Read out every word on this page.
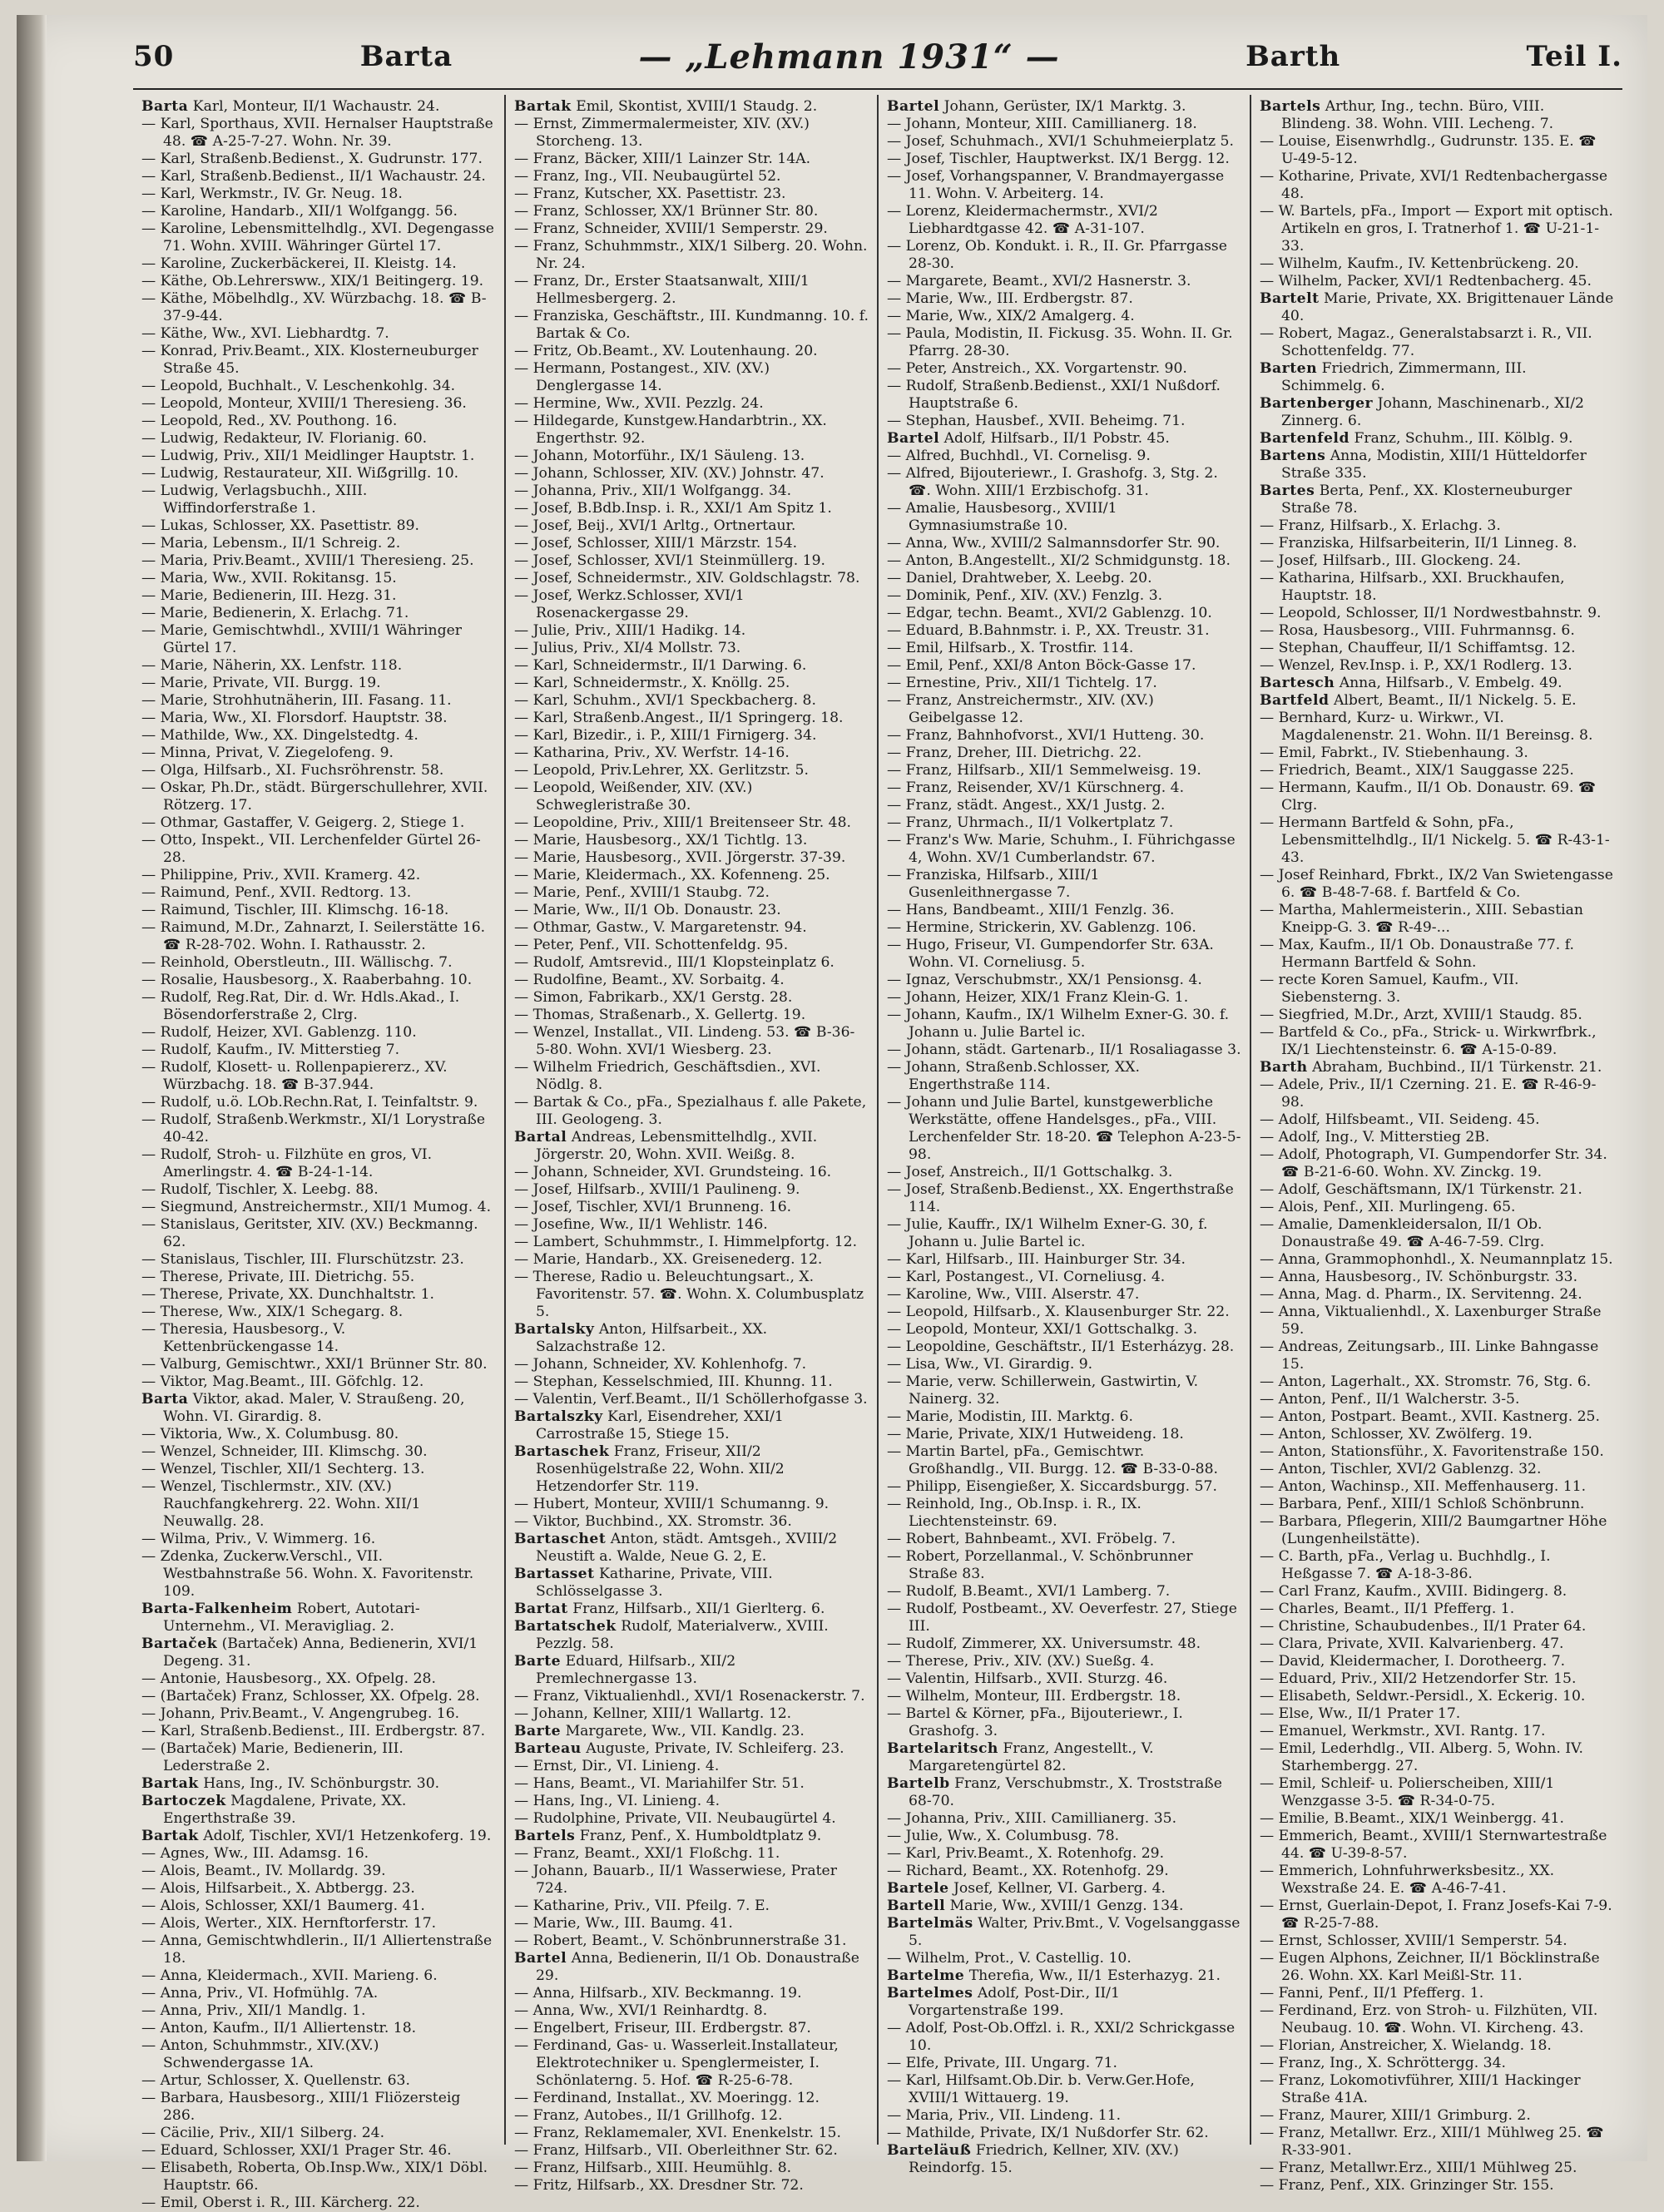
50	Barta	— „Lehmann 1931“ —	Barth	Teil I.

Barta Karl, Monteur, II/1 Wachaustr. 24.

— Karl, Sporthaus, XVII. Hernalser Hauptstraße 48. ☎ A-25-7-27. Wohn. Nr. 39.

— Karl, Straßenb.Bedienst., X. Gudrunstr. 177.

— Karl, Straßenb.Bedienst., II/1 Wachaustr. 24.

— Karl, Werkmstr., IV. Gr. Neug. 18.

— Karoline, Handarb., XII/1 Wolfgangg. 56.

— Karoline, Lebensmittelhdlg., XVI. Degengasse 71. Wohn. XVIII. Währinger Gürtel 17.

— Karoline, Zuckerbäckerei, II. Kleistg. 14.

— Käthe, Ob.Lehrersww., XIX/1 Beitingerg. 19.

— Käthe, Möbelhdlg., XV. Würzbachg. 18. ☎ B-37-9-44.

— Käthe, Ww., XVI. Liebhardtg. 7.

— Konrad, Priv.Beamt., XIX. Klosterneuburger Straße 45.

— Leopold, Buchhalt., V. Leschenkohlg. 34.

— Leopold, Monteur, XVIII/1 Theresieng. 36.

— Leopold, Red., XV. Pouthong. 16.

— Ludwig, Redakteur, IV. Florianig. 60.

— Ludwig, Priv., XII/1 Meidlinger Hauptstr. 1.

— Ludwig, Restaurateur, XII. Wiẞgrillg. 10.

— Ludwig, Verlagsbuchh., XIII. Wiffindorferstraße 1.

— Lukas, Schlosser, XX. Pasettistr. 89.

— Maria, Lebensm., II/1 Schreig. 2.

— Maria, Priv.Beamt., XVIII/1 Theresieng. 25.

— Maria, Ww., XVII. Rokitansg. 15.

— Marie, Bedienerin, III. Hezg. 31.

— Marie, Bedienerin, X. Erlachg. 71.

— Marie, Gemischtwhdl., XVIII/1 Währinger Gürtel 17.

— Marie, Näherin, XX. Lenfstr. 118.

— Marie, Private, VII. Burgg. 19.

— Marie, Strohhutnäherin, III. Fasang. 11.

— Maria, Ww., XI. Florsdorf. Hauptstr. 38.

— Mathilde, Ww., XX. Dingelstedtg. 4.

— Minna, Privat, V. Ziegelofeng. 9.

— Olga, Hilfsarb., XI. Fuchsröhrenstr. 58.

— Oskar, Ph.Dr., städt. Bürgerschullehrer, XVII. Rötzerg. 17.

— Othmar, Gastaffer, V. Geigerg. 2, Stiege 1.

— Otto, Inspekt., VII. Lerchenfelder Gürtel 26-28.

— Philippine, Priv., XVII. Kramerg. 42.

— Raimund, Penf., XVII. Redtorg. 13.

— Raimund, Tischler, III. Klimschg. 16-18.

— Raimund, M.Dr., Zahnarzt, I. Seilerstätte 16. ☎ R-28-702. Wohn. I. Rathausstr. 2.

— Reinhold, Oberstleutn., III. Wällischg. 7.

— Rosalie, Hausbesorg., X. Raaberbahng. 10.

— Rudolf, Reg.Rat, Dir. d. Wr. Hdls.Akad., I. Bösendorferstraße 2, Clrg.

— Rudolf, Heizer, XVI. Gablenzg. 110.

— Rudolf, Kaufm., IV. Mitterstieg 7.

— Rudolf, Klosett- u. Rollenpapiererz., XV. Würzbachg. 18. ☎ B-37.944.

— Rudolf, u.ö. LOb.Rechn.Rat, I. Teinfaltstr. 9.

— Rudolf, Straßenb.Werkmstr., XI/1 Lorystraße 40-42.

— Rudolf, Stroh- u. Filzhüte en gros, VI. Amerlingstr. 4. ☎ B-24-1-14.

— Rudolf, Tischler, X. Leebg. 88.

— Siegmund, Anstreichermstr., XII/1 Mumog. 4.

— Stanislaus, Geritster, XIV. (XV.) Beckmanng. 62.

— Stanislaus, Tischler, III. Flurschützstr. 23.

— Therese, Private, III. Dietrichg. 55.

— Therese, Private, XX. Dunchhaltstr. 1.

— Therese, Ww., XIX/1 Schegarg. 8.

— Theresia, Hausbesorg., V. Kettenbrückengasse 14.

— Valburg, Gemischtwr., XXI/1 Brünner Str. 80.

— Viktor, Mag.Beamt., III. Göfchlg. 12.

Barta Viktor, akad. Maler, V. Straußeng. 20, Wohn. VI. Girardig. 8.

— Viktoria, Ww., X. Columbusg. 80.

— Wenzel, Schneider, III. Klimschg. 30.

— Wenzel, Tischler, XII/1 Sechterg. 13.

— Wenzel, Tischlermstr., XIV. (XV.) Rauchfangkehrerg. 22. Wohn. XII/1 Neuwallg. 28.

— Wilma, Priv., V. Wimmerg. 16.

— Zdenka, Zuckerw.Verschl., VII. Westbahnstraße 56. Wohn. X. Favoritenstr. 109.

Barta-Falkenheim Robert, Autotari-Unternehm., VI. Meravigliag. 2.

Bartaček (Bartaček) Anna, Bedienerin, XVI/1 Degeng. 31.

— Antonie, Hausbesorg., XX. Ofpelg. 28.

— (Bartaček) Franz, Schlosser, XX. Ofpelg. 28.

— Johann, Priv.Beamt., V. Angengrubeg. 16.

— Karl, Straßenb.Bedienst., III. Erdbergstr. 87.

— (Bartaček) Marie, Bedienerin, III. Lederstraße 2.

Bartak Hans, Ing., IV. Schönburgstr. 30.

Bartoczek Magdalene, Private, XX. Engerthstraße 39.

Bartak Adolf, Tischler, XVI/1 Hetzenkoferg. 19.

— Agnes, Ww., III. Adamsg. 16.

— Alois, Beamt., IV. Mollardg. 39.

— Alois, Hilfsarbeit., X. Abtbergg. 23.

— Alois, Schlosser, XXI/1 Baumerg. 41.

— Alois, Werter., XIX. Hernftorferstr. 17.

— Anna, Gemischtwhdlerin., II/1 Alliertenstraße 18.

— Anna, Kleidermach., XVII. Marieng. 6.

— Anna, Priv., VI. Hofmühlg. 7A.

— Anna, Priv., XII/1 Mandlg. 1.

— Anton, Kaufm., II/1 Alliertenstr. 18.

— Anton, Schuhmmstr., XIV.(XV.) Schwendergasse 1A.

— Artur, Schlosser, X. Quellenstr. 63.

— Barbara, Hausbesorg., XIII/1 Fliözersteig 286.

— Cäcilie, Priv., XII/1 Silberg. 24.

— Eduard, Schlosser, XXI/1 Prager Str. 46.

— Elisabeth, Roberta, Ob.Insp.Ww., XIX/1 Döbl. Hauptstr. 66.

— Emil, Oberst i. R., III. Kärcherg. 22.

Bartak Emil, Skontist, XVIII/1 Staudg. 2.

— Ernst, Zimmermalermeister, XIV. (XV.) Storcheng. 13.

— Franz, Bäcker, XIII/1 Lainzer Str. 14A.

— Franz, Ing., VII. Neubaugürtel 52.

— Franz, Kutscher, XX. Pasettistr. 23.

— Franz, Schlosser, XX/1 Brünner Str. 80.

— Franz, Schneider, XVIII/1 Semperstr. 29.

— Franz, Schuhmmstr., XIX/1 Silberg. 20. Wohn. Nr. 24.

— Franz, Dr., Erster Staatsanwalt, XIII/1 Hellmesbergerg. 2.

— Franziska, Geschäftstr., III. Kundmanng. 10. f. Bartak & Co.

— Fritz, Ob.Beamt., XV. Loutenhaung. 20.

— Hermann, Postangest., XIV. (XV.) Denglergasse 14.

— Hermine, Ww., XVII. Pezzlg. 24.

— Hildegarde, Kunstgew.Handarbtrin., XX. Engerthstr. 92.

— Johann, Motorführ., IX/1 Säuleng. 13.

— Johann, Schlosser, XIV. (XV.) Johnstr. 47.

— Johanna, Priv., XII/1 Wolfgangg. 34.

— Josef, B.Bdb.Insp. i. R., XXI/1 Am Spitz 1.

— Josef, Beij., XVI/1 Arltg., Ortnertaur.

— Josef, Schlosser, XIII/1 Märzstr. 154.

— Josef, Schlosser, XVI/1 Steinmüllerg. 19.

— Josef, Schneidermstr., XIV. Goldschlagstr. 78.

— Josef, Werkz.Schlosser, XVI/1 Rosenackergasse 29.

— Julie, Priv., XIII/1 Hadikg. 14.

— Julius, Priv., XI/4 Mollstr. 73.

— Karl, Schneidermstr., II/1 Darwing. 6.

— Karl, Schneidermstr., X. Knöllg. 25.

— Karl, Schuhm., XVI/1 Speckbacherg. 8.

— Karl, Straßenb.Angest., II/1 Springerg. 18.

— Karl, Bizedir., i. P., XIII/1 Firnigerg. 34.

— Katharina, Priv., XV. Werfstr. 14-16.

— Leopold, Priv.Lehrer, XX. Gerlitzstr. 5.

— Leopold, Weißender, XIV. (XV.) Schwegleristraße 30.

— Leopoldine, Priv., XIII/1 Breitenseer Str. 48.

— Marie, Hausbesorg., XX/1 Tichtlg. 13.

— Marie, Hausbesorg., XVII. Jörgerstr. 37-39.

— Marie, Kleidermach., XX. Kofenneng. 25.

— Marie, Penf., XVIII/1 Staubg. 72.

— Marie, Ww., II/1 Ob. Donaustr. 23.

— Othmar, Gastw., V. Margaretenstr. 94.

— Peter, Penf., VII. Schottenfeldg. 95.

— Rudolf, Amtsrevid., III/1 Klopsteinplatz 6.

— Rudolfine, Beamt., XV. Sorbaitg. 4.

— Simon, Fabrikarb., XX/1 Gerstg. 28.

— Thomas, Straßenarb., X. Gellertg. 19.

— Wenzel, Installat., VII. Lindeng. 53. ☎ B-36-5-80. Wohn. XVI/1 Wiesberg. 23.

— Wilhelm Friedrich, Geschäftsdien., XVI. Nödlg. 8.

— Bartak & Co., pFa., Spezialhaus f. alle Pakete, III. Geologeng. 3.

Bartal Andreas, Lebensmittelhdlg., XVII. Jörgerstr. 20, Wohn. XVII. Weißg. 8.

— Johann, Schneider, XVI. Grundsteing. 16.

— Josef, Hilfsarb., XVIII/1 Paulineng. 9.

— Josef, Tischler, XVI/1 Brunneng. 16.

— Josefine, Ww., II/1 Wehlistr. 146.

— Lambert, Schuhmmstr., I. Himmelpfortg. 12.

— Marie, Handarb., XX. Greisenederg. 12.

— Therese, Radio u. Beleuchtungsart., X. Favoritenstr. 57. ☎. Wohn. X. Columbusplatz 5.

Bartalsky Anton, Hilfsarbeit., XX. Salzachstraße 12.

— Johann, Schneider, XV. Kohlenhofg. 7.

— Stephan, Kesselschmied, III. Khunng. 11.

— Valentin, Verf.Beamt., II/1 Schöllerhofgasse 3.

Bartalszky Karl, Eisendreher, XXI/1 Carrostraße 15, Stiege 15.

Bartaschek Franz, Friseur, XII/2 Rosenhügelstraße 22, Wohn. XII/2 Hetzendorfer Str. 119.

— Hubert, Monteur, XVIII/1 Schumanng. 9.

— Viktor, Buchbind., XX. Stromstr. 36.

Bartaschet Anton, städt. Amtsgeh., XVIII/2 Neustift a. Walde, Neue G. 2, E.

Bartasset Katharine, Private, VIII. Schlösselgasse 3.

Bartat Franz, Hilfsarb., XII/1 Gierlterg. 6.

Bartatschek Rudolf, Materialverw., XVIII. Pezzlg. 58.

Barte Eduard, Hilfsarb., XII/2 Premlechnergasse 13.

— Franz, Viktualienhdl., XVI/1 Rosenackerstr. 7.

— Johann, Kellner, XIII/1 Wallartg. 12.

Barte Margarete, Ww., VII. Kandlg. 23.

Barteau Auguste, Private, IV. Schleiferg. 23.

— Ernst, Dir., VI. Linieng. 4.

— Hans, Beamt., VI. Mariahilfer Str. 51.

— Hans, Ing., VI. Linieng. 4.

— Rudolphine, Private, VII. Neubaugürtel 4.

Bartels Franz, Penf., X. Humboldtplatz 9.

— Franz, Beamt., XXI/1 Floßchg. 11.

— Johann, Bauarb., II/1 Wasserwiese, Prater 724.

— Katharine, Priv., VII. Pfeilg. 7. E.

— Marie, Ww., III. Baumg. 41.

— Robert, Beamt., V. Schönbrunnerstraße 31.

Bartel Anna, Bedienerin, II/1 Ob. Donaustraße 29.

— Anna, Hilfsarb., XIV. Beckmanng. 19.

— Anna, Ww., XVI/1 Reinhardtg. 8.

— Engelbert, Friseur, III. Erdbergstr. 87.

— Ferdinand, Gas- u. Wasserleit.Installateur, Elektrotechniker u. Spenglermeister, I. Schönlaterng. 5. Hof. ☎ R-25-6-78.

— Ferdinand, Installat., XV. Moeringg. 12.

— Franz, Autobes., II/1 Grillhofg. 12.

— Franz, Reklamemaler, XVI. Enenkelstr. 15.

— Franz, Hilfsarb., VII. Oberleithner Str. 62.

— Franz, Hilfsarb., XIII. Heumühlg. 8.

— Fritz, Hilfsarb., XX. Dresdner Str. 72.

Bartel Johann, Gerüster, IX/1 Marktg. 3.

— Johann, Monteur, XIII. Camillianerg. 18.

— Josef, Schuhmach., XVI/1 Schuhmeierplatz 5.

— Josef, Tischler, Hauptwerkst. IX/1 Bergg. 12.

— Josef, Vorhangspanner, V. Brandmayergasse 11. Wohn. V. Arbeiterg. 14.

— Lorenz, Kleidermachermstr., XVI/2 Liebhardtgasse 42. ☎ A-31-107.

— Lorenz, Ob. Kondukt. i. R., II. Gr. Pfarrgasse 28-30.

— Margarete, Beamt., XVI/2 Hasnerstr. 3.

— Marie, Ww., III. Erdbergstr. 87.

— Marie, Ww., XIX/2 Amalgerg. 4.

— Paula, Modistin, II. Fickusg. 35. Wohn. II. Gr. Pfarrg. 28-30.

— Peter, Anstreich., XX. Vorgartenstr. 90.

— Rudolf, Straßenb.Bedienst., XXI/1 Nußdorf. Hauptstraße 6.

— Stephan, Hausbef., XVII. Beheimg. 71.

Bartel Adolf, Hilfsarb., II/1 Pobstr. 45.

— Alfred, Buchhdl., VI. Cornelisg. 9.

— Alfred, Bijouteriewr., I. Grashofg. 3, Stg. 2. ☎. Wohn. XIII/1 Erzbischofg. 31.

— Amalie, Hausbesorg., XVIII/1 Gymnasiumstraße 10.

— Anna, Ww., XVIII/2 Salmannsdorfer Str. 90.

— Anton, B.Angestellt., XI/2 Schmidgunstg. 18.

— Daniel, Drahtweber, X. Leebg. 20.

— Dominik, Penf., XIV. (XV.) Fenzlg. 3.

— Edgar, techn. Beamt., XVI/2 Gablenzg. 10.

— Eduard, B.Bahnmstr. i. P., XX. Treustr. 31.

— Emil, Hilfsarb., X. Trostfir. 114.

— Emil, Penf., XXI/8 Anton Böck-Gasse 17.

— Ernestine, Priv., XII/1 Tichtelg. 17.

— Franz, Anstreichermstr., XIV. (XV.) Geibelgasse 12.

— Franz, Bahnhofvorst., XVI/1 Hutteng. 30.

— Franz, Dreher, III. Dietrichg. 22.

— Franz, Hilfsarb., XII/1 Semmelweisg. 19.

— Franz, Reisender, XV/1 Kürschnerg. 4.

— Franz, städt. Angest., XX/1 Justg. 2.

— Franz, Uhrmach., II/1 Volkertplatz 7.

— Franz's Ww. Marie, Schuhm., I. Führichgasse 4, Wohn. XV/1 Cumberlandstr. 67.

— Franziska, Hilfsarb., XIII/1 Gusenleithnergasse 7.

— Hans, Bandbeamt., XIII/1 Fenzlg. 36.

— Hermine, Strickerin, XV. Gablenzg. 106.

— Hugo, Friseur, VI. Gumpendorfer Str. 63A. Wohn. VI. Corneliusg. 5.

— Ignaz, Verschubmstr., XX/1 Pensionsg. 4.

— Johann, Heizer, XIX/1 Franz Klein-G. 1.

— Johann, Kaufm., IX/1 Wilhelm Exner-G. 30. f. Johann u. Julie Bartel ic.

— Johann, städt. Gartenarb., II/1 Rosaliagasse 3.

— Johann, Straßenb.Schlosser, XX. Engerthstraße 114.

— Johann und Julie Bartel, kunstgewerbliche Werkstätte, offene Handelsges., pFa., VIII. Lerchenfelder Str. 18-20. ☎ Telephon A-23-5-98.

— Josef, Anstreich., II/1 Gottschalkg. 3.

— Josef, Straßenb.Bedienst., XX. Engerthstraße 114.

— Julie, Kauffr., IX/1 Wilhelm Exner-G. 30, f. Johann u. Julie Bartel ic.

— Karl, Hilfsarb., III. Hainburger Str. 34.

— Karl, Postangest., VI. Corneliusg. 4.

— Karoline, Ww., VIII. Alserstr. 47.

— Leopold, Hilfsarb., X. Klausenburger Str. 22.

— Leopold, Monteur, XXI/1 Gottschalkg. 3.

— Leopoldine, Geschäftstr., II/1 Esterházyg. 28.

— Lisa, Ww., VI. Girardig. 9.

— Marie, verw. Schillerwein, Gastwirtin, V. Nainerg. 32.

— Marie, Modistin, III. Marktg. 6.

— Marie, Private, XIX/1 Hutweideng. 18.

— Martin Bartel, pFa., Gemischtwr. Großhandlg., VII. Burgg. 12. ☎ B-33-0-88.

— Philipp, Eisengießer, X. Siccardsburgg. 57.

— Reinhold, Ing., Ob.Insp. i. R., IX. Liechtensteinstr. 69.

— Robert, Bahnbeamt., XVI. Fröbelg. 7.

— Robert, Porzellanmal., V. Schönbrunner Straße 83.

— Rudolf, B.Beamt., XVI/1 Lamberg. 7.

— Rudolf, Postbeamt., XV. Oeverfestr. 27, Stiege III.

— Rudolf, Zimmerer, XX. Universumstr. 48.

— Therese, Priv., XIV. (XV.) Sueßg. 4.

— Valentin, Hilfsarb., XVII. Sturzg. 46.

— Wilhelm, Monteur, III. Erdbergstr. 18.

— Bartel & Körner, pFa., Bijouteriewr., I. Grashofg. 3.

Bartelaritsch Franz, Angestellt., V. Margaretengürtel 82.

Bartelb Franz, Verschubmstr., X. Troststraße 68-70.

— Johanna, Priv., XIII. Camillianerg. 35.

— Julie, Ww., X. Columbusg. 78.

— Karl, Priv.Beamt., X. Rotenhofg. 29.

— Richard, Beamt., XX. Rotenhofg. 29.

Bartele Josef, Kellner, VI. Garberg. 4.

Bartell Marie, Ww., XVIII/1 Genzg. 134.

Bartelmäs Walter, Priv.Bmt., V. Vogelsanggasse 5.

— Wilhelm, Prot., V. Castellig. 10.

Bartelme Therefia, Ww., II/1 Esterhazyg. 21.

Bartelmes Adolf, Post-Dir., II/1 Vorgartenstraße 199.

— Adolf, Post-Ob.Offzl. i. R., XXI/2 Schrickgasse 10.

— Elfe, Private, III. Ungarg. 71.

— Karl, Hilfsamt.Ob.Dir. b. Verw.Ger.Hofe, XVIII/1 Wittauerg. 19.

— Maria, Priv., VII. Lindeng. 11.

— Mathilde, Private, IX/1 Nußdorfer Str. 62.

Barteläuß Friedrich, Kellner, XIV. (XV.) Reindorfg. 15.

Bartels Arthur, Ing., techn. Büro, VIII. Blindeng. 38. Wohn. VIII. Lecheng. 7.

— Louise, Eisenwrhdlg., Gudrunstr. 135. E. ☎ U-49-5-12.

— Kotharine, Private, XVI/1 Redtenbachergasse 48.

— W. Bartels, pFa., Import — Export mit optisch. Artikeln en gros, I. Tratnerhof 1. ☎ U-21-1-33.

— Wilhelm, Kaufm., IV. Kettenbrückeng. 20.

— Wilhelm, Packer, XVI/1 Redtenbacherg. 45.

Bartelt Marie, Private, XX. Brigittenauer Lände 40.

— Robert, Magaz., Generalstabsarzt i. R., VII. Schottenfeldg. 77.

Barten Friedrich, Zimmermann, III. Schimmelg. 6.

Bartenberger Johann, Maschinenarb., XI/2 Zinnerg. 6.

Bartenfeld Franz, Schuhm., III. Kölblg. 9.

Bartens Anna, Modistin, XIII/1 Hütteldorfer Straße 335.

Bartes Berta, Penf., XX. Klosterneuburger Straße 78.

— Franz, Hilfsarb., X. Erlachg. 3.

— Franziska, Hilfsarbeiterin, II/1 Linneg. 8.

— Josef, Hilfsarb., III. Glockeng. 24.

— Katharina, Hilfsarb., XXI. Bruckhaufen, Hauptstr. 18.

— Leopold, Schlosser, II/1 Nordwestbahnstr. 9.

— Rosa, Hausbesorg., VIII. Fuhrmannsg. 6.

— Stephan, Chauffeur, II/1 Schiffamtsg. 12.

— Wenzel, Rev.Insp. i. P., XX/1 Rodlerg. 13.

Bartesch Anna, Hilfsarb., V. Embelg. 49.

Bartfeld Albert, Beamt., II/1 Nickelg. 5. E.

— Bernhard, Kurz- u. Wirkwr., VI. Magdalenenstr. 21. Wohn. II/1 Bereinsg. 8.

— Emil, Fabrkt., IV. Stiebenhaung. 3.

— Friedrich, Beamt., XIX/1 Sauggasse 225.

— Hermann, Kaufm., II/1 Ob. Donaustr. 69. ☎ Clrg.

— Hermann Bartfeld & Sohn, pFa., Lebensmittelhdlg., II/1 Nickelg. 5. ☎ R-43-1-43.

— Josef Reinhard, Fbrkt., IX/2 Van Swietengasse 6. ☎ B-48-7-68. f. Bartfeld & Co.

— Martha, Mahlermeisterin., XIII. Sebastian Kneipp-G. 3. ☎ R-49-...

— Max, Kaufm., II/1 Ob. Donaustraße 77. f. Hermann Bartfeld & Sohn.

— recte Koren Samuel, Kaufm., VII. Siebensterng. 3.

— Siegfried, M.Dr., Arzt, XVIII/1 Staudg. 85.

— Bartfeld & Co., pFa., Strick- u. Wirkwrfbrk., IX/1 Liechtensteinstr. 6. ☎ A-15-0-89.

Barth Abraham, Buchbind., II/1 Türkenstr. 21.

— Adele, Priv., II/1 Czerning. 21. E. ☎ R-46-9-98.

— Adolf, Hilfsbeamt., VII. Seideng. 45.

— Adolf, Ing., V. Mitterstieg 2B.

— Adolf, Photograph, VI. Gumpendorfer Str. 34. ☎ B-21-6-60. Wohn. XV. Zinckg. 19.

— Adolf, Geschäftsmann, IX/1 Türkenstr. 21.

— Alois, Penf., XII. Murlingeng. 65.

— Amalie, Damenkleidersalon, II/1 Ob. Donaustraße 49. ☎ A-46-7-59. Clrg.

— Anna, Grammophonhdl., X. Neumannplatz 15.

— Anna, Hausbesorg., IV. Schönburgstr. 33.

— Anna, Mag. d. Pharm., IX. Servitenng. 24.

— Anna, Viktualienhdl., X. Laxenburger Straße 59.

— Andreas, Zeitungsarb., III. Linke Bahngasse 15.

— Anton, Lagerhalt., XX. Stromstr. 76, Stg. 6.

— Anton, Penf., II/1 Walcherstr. 3-5.

— Anton, Postpart. Beamt., XVII. Kastnerg. 25.

— Anton, Schlosser, XV. Zwölferg. 19.

— Anton, Stationsführ., X. Favoritenstraße 150.

— Anton, Tischler, XVI/2 Gablenzg. 32.

— Anton, Wachinsp., XII. Meffenhauserg. 11.

— Barbara, Penf., XIII/1 Schloß Schönbrunn.

— Barbara, Pflegerin, XIII/2 Baumgartner Höhe (Lungenheilstätte).

— C. Barth, pFa., Verlag u. Buchhdlg., I. Heßgasse 7. ☎ A-18-3-86.

— Carl Franz, Kaufm., XVIII. Bidingerg. 8.

— Charles, Beamt., II/1 Pfefferg. 1.

— Christine, Schaubudenbes., II/1 Prater 64.

— Clara, Private, XVII. Kalvarienberg. 47.

— David, Kleidermacher, I. Dorotheerg. 7.

— Eduard, Priv., XII/2 Hetzendorfer Str. 15.

— Elisabeth, Seldwr.-Persidl., X. Eckerig. 10.

— Else, Ww., II/1 Prater 17.

— Emanuel, Werkmstr., XVI. Rantg. 17.

— Emil, Lederhdlg., VII. Alberg. 5, Wohn. IV. Starhembergg. 27.

— Emil, Schleif- u. Polierscheiben, XIII/1 Wenzgasse 3-5. ☎ R-34-0-75.

— Emilie, B.Beamt., XIX/1 Weinbergg. 41.

— Emmerich, Beamt., XVIII/1 Sternwartestraße 44. ☎ U-39-8-57.

— Emmerich, Lohnfuhrwerksbesitz., XX. Wexstraße 24. E. ☎ A-46-7-41.

— Ernst, Guerlain-Depot, I. Franz Josefs-Kai 7-9. ☎ R-25-7-88.

— Ernst, Schlosser, XVIII/1 Semperstr. 54.

— Eugen Alphons, Zeichner, II/1 Böcklinstraße 26. Wohn. XX. Karl Meißl-Str. 11.

— Fanni, Penf., II/1 Pfefferg. 1.

— Ferdinand, Erz. von Stroh- u. Filzhüten, VII. Neubaug. 10. ☎. Wohn. VI. Kircheng. 43.

— Florian, Anstreicher, X. Wielandg. 18.

— Franz, Ing., X. Schröttergg. 34.

— Franz, Lokomotivführer, XIII/1 Hackinger Straße 41A.

— Franz, Maurer, XIII/1 Grimburg. 2.

— Franz, Metallwr. Erz., XIII/1 Mühlweg 25. ☎ R-33-901.

— Franz, Metallwr.Erz., XIII/1 Mühlweg 25.

— Franz, Penf., XIX. Grinzinger Str. 155.
